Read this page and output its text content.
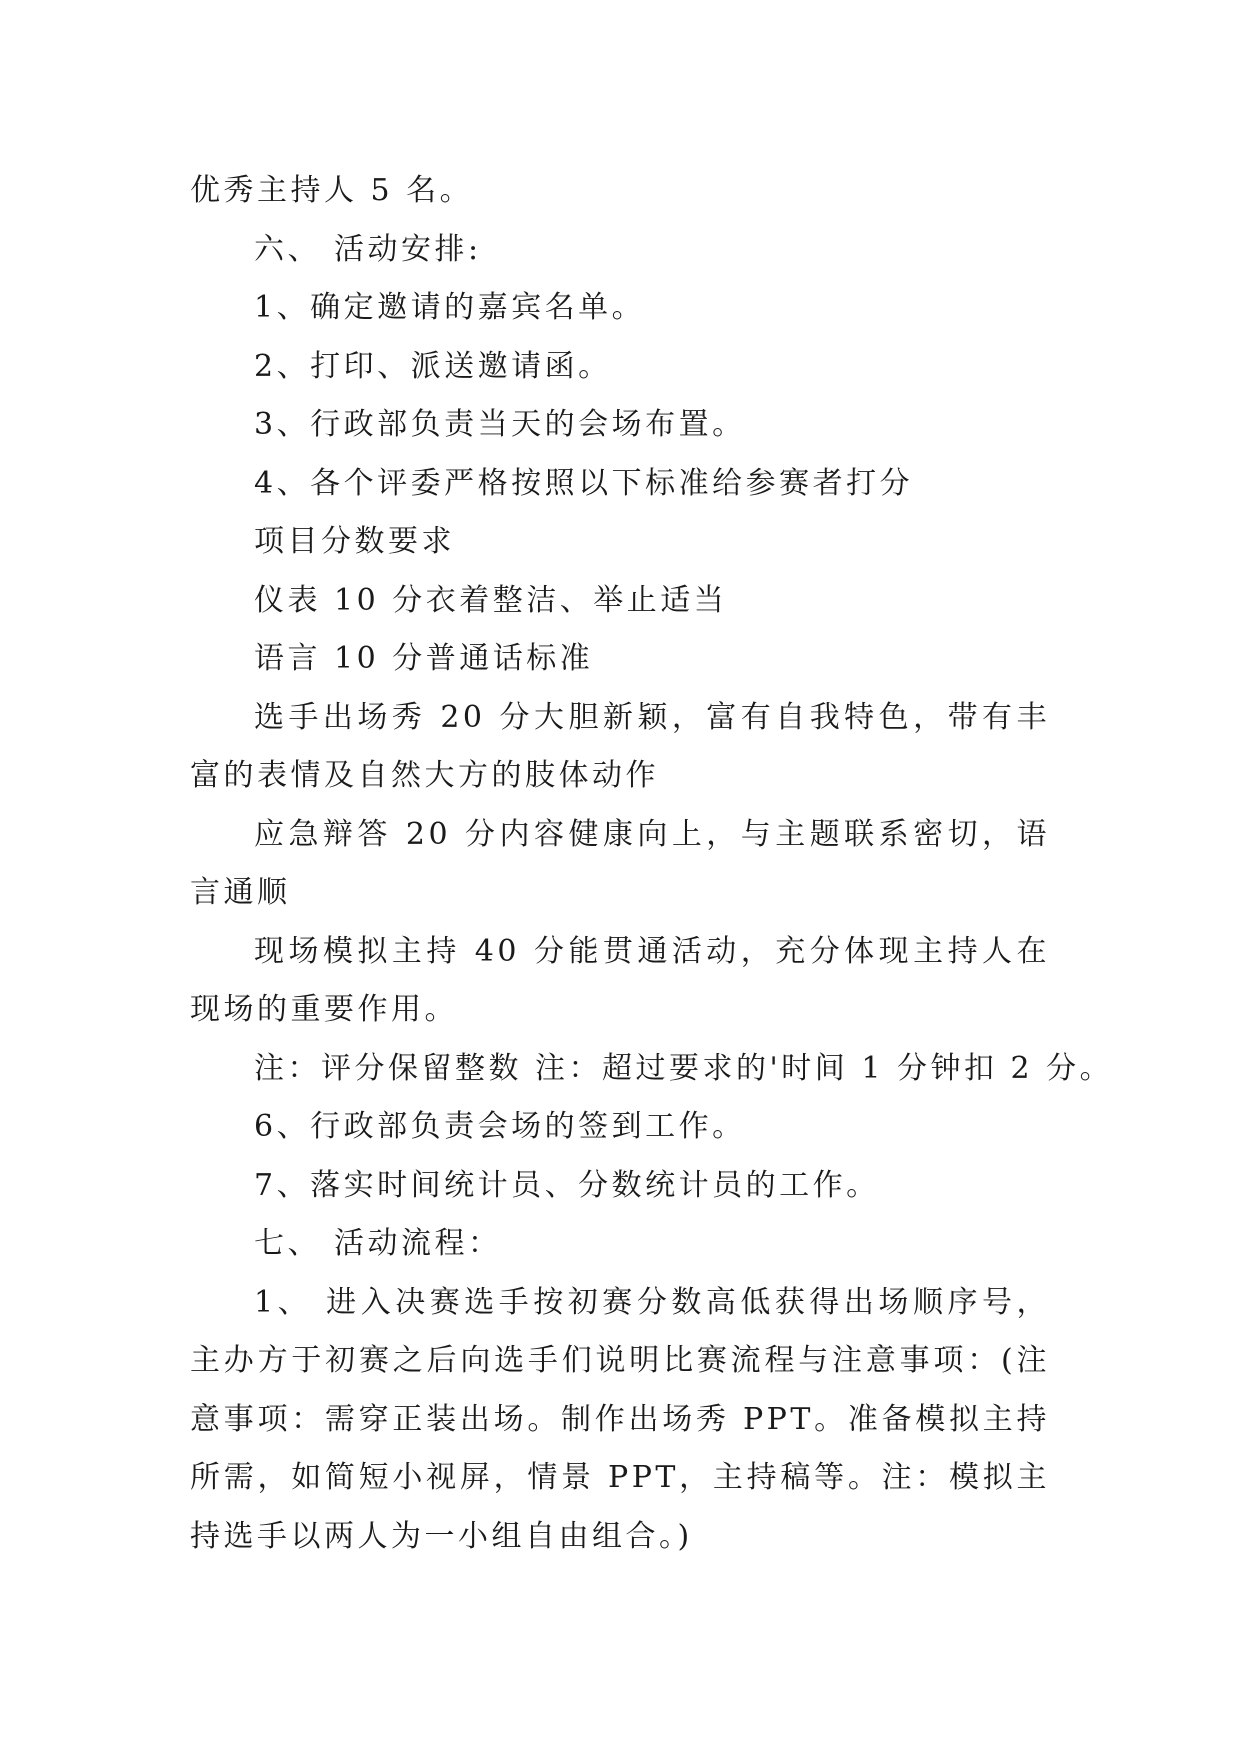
优秀主持人 5 名。

六、 活动安排:

1、确定邀请的嘉宾名单。

2、打印、派送邀请函。

3、行政部负责当天的会场布置。

4、各个评委严格按照以下标准给参赛者打分

项目分数要求

仪表 10 分衣着整洁、举止适当

语言 10 分普通话标准

选手出场秀 20 分大胆新颖，富有自我特色，带有丰富的表情及自然大方的肢体动作

应急辩答 20 分内容健康向上，与主题联系密切，语言通顺

现场模拟主持 40 分能贯通活动，充分体现主持人在现场的重要作用。

注：评分保留整数 注：超过要求的'时间 1 分钟扣 2 分。

6、行政部负责会场的签到工作。

7、落实时间统计员、分数统计员的工作。

七、 活动流程：

1、 进入决赛选手按初赛分数高低获得出场顺序号，主办方于初赛之后向选手们说明比赛流程与注意事项：(注意事项：需穿正装出场。制作出场秀 PPT。准备模拟主持所需，如简短小视屏，情景 PPT，主持稿等。注：模拟主持选手以两人为一小组自由组合。)
